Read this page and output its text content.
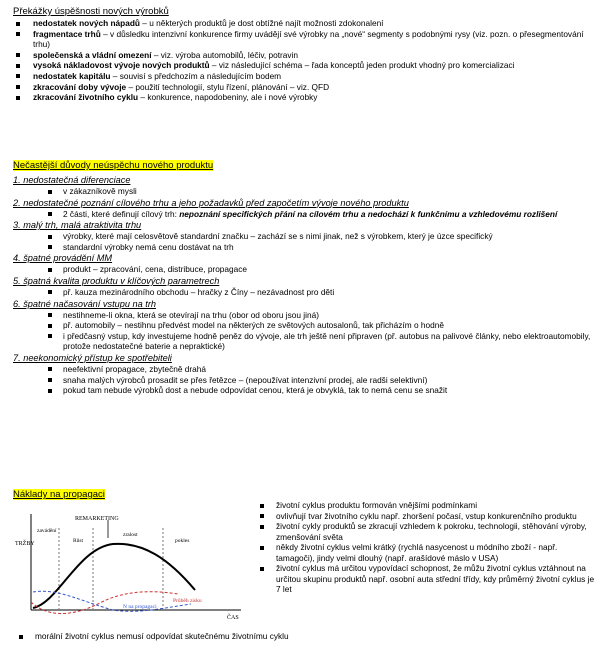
Překážky úspěšnosti nových výrobků
nedostatek nových nápadů – u některých produktů je dost obtížné najít možnosti zdokonalení
fragmentace trhů – v důsledku intenzivní konkurence firmy uvádějí své výrobky na „nové“ segmenty s podobnými rysy (viz. pozn. o přesegmentování trhu)
společenská a vládní omezení – viz. výroba automobilů, léčiv, potravin
vysoká nákladovost vývoje nových produktů – viz následující schéma – řada konceptů jeden produkt vhodný pro komercializaci
nedostatek kapitálu – souvisí s předchozím a následujícím bodem
zkracování doby vývoje – použití technologií, stylu řízení, plánování – viz. QFD
zkracování životního cyklu – konkurence, napodobeniny, ale i nové výrobky
Nečastější důvody neúspěchu nového produktu
1. nedostatečná diferenciace
v zákazníkově mysli
2. nedostatečné poznání cílového trhu a jeho požadavků před započetím vývoje nového produktu
2 části, které definují cílový trh: nepoznání specifických přání na cílovém trhu a nedochází k funkčnímu a vzhledovému rozlišení
3. malý trh, malá atraktivita trhu
výrobky, které mají celosvětově standardní značku – zachází se s nimi jinak, než s výrobkem, který je úzce specifický
standardní výrobky nemá cenu dostávat na trh
4. špatné provádění MM
produkt – zpracování, cena, distribuce, propagace
5. špatná kvalita produktu v klíčových parametrech
př. kauza mezinárodního obchodu – hračky z Číny – nezávadnost pro děti
6. špatné načasování vstupu na trh
nestihneme-li okna, která se otevírají na trhu (obor od oboru jsou jiná)
př. automobily – nestihnu předvést model na některých ze světových autosalonů, tak přicházím o hodně
i předčasný vstup, kdy investujeme hodně peněz do vývoje, ale trh ještě není připraven (př. autobus na palivové články, nebo elektroautomobily, protože nedostatečné baterie a nepraktické)
7. neekonomický přístup ke spotřebiteli
neefektivní propagace, zbytečně drahá
snaha malých výrobců prosadit se přes řetězce – (nepoužívat intenzivní prodej, ale radši selektivní)
pokud tam nebude výrobků dost a nebude odpovídat cenou, která je obvyklá, tak to nemá cenu se snažit
Náklady na propagaci
REMARKETING
zavádění
Růst
zralost
pokles
TRŽBY
ČAS
Průběh zisku
N na propagaci
životní cyklus produktu formován vnějšími podmínkami
ovlivňují tvar životního cyklu např. zhoršení počasí, vstup konkurenčního produktu
životní cykly produktů se zkracují vzhledem k pokroku, technologii, stěhování výroby, zmenšování světa
někdy životní cyklus velmi krátký (rychlá nasycenost u módního zboží - např. tamagoči), jindy velmi dlouhý (např. arašídové máslo v USA)
životní cyklus má určitou vypovídací schopnost, že můžu životní cyklus vztáhnout na určitou skupinu produktů např. osobní auta střední třídy, kdy průměrný životní cyklus je 7 let
morální životní cyklus nemusí odpovídat skutečnému životnímu cyklu
